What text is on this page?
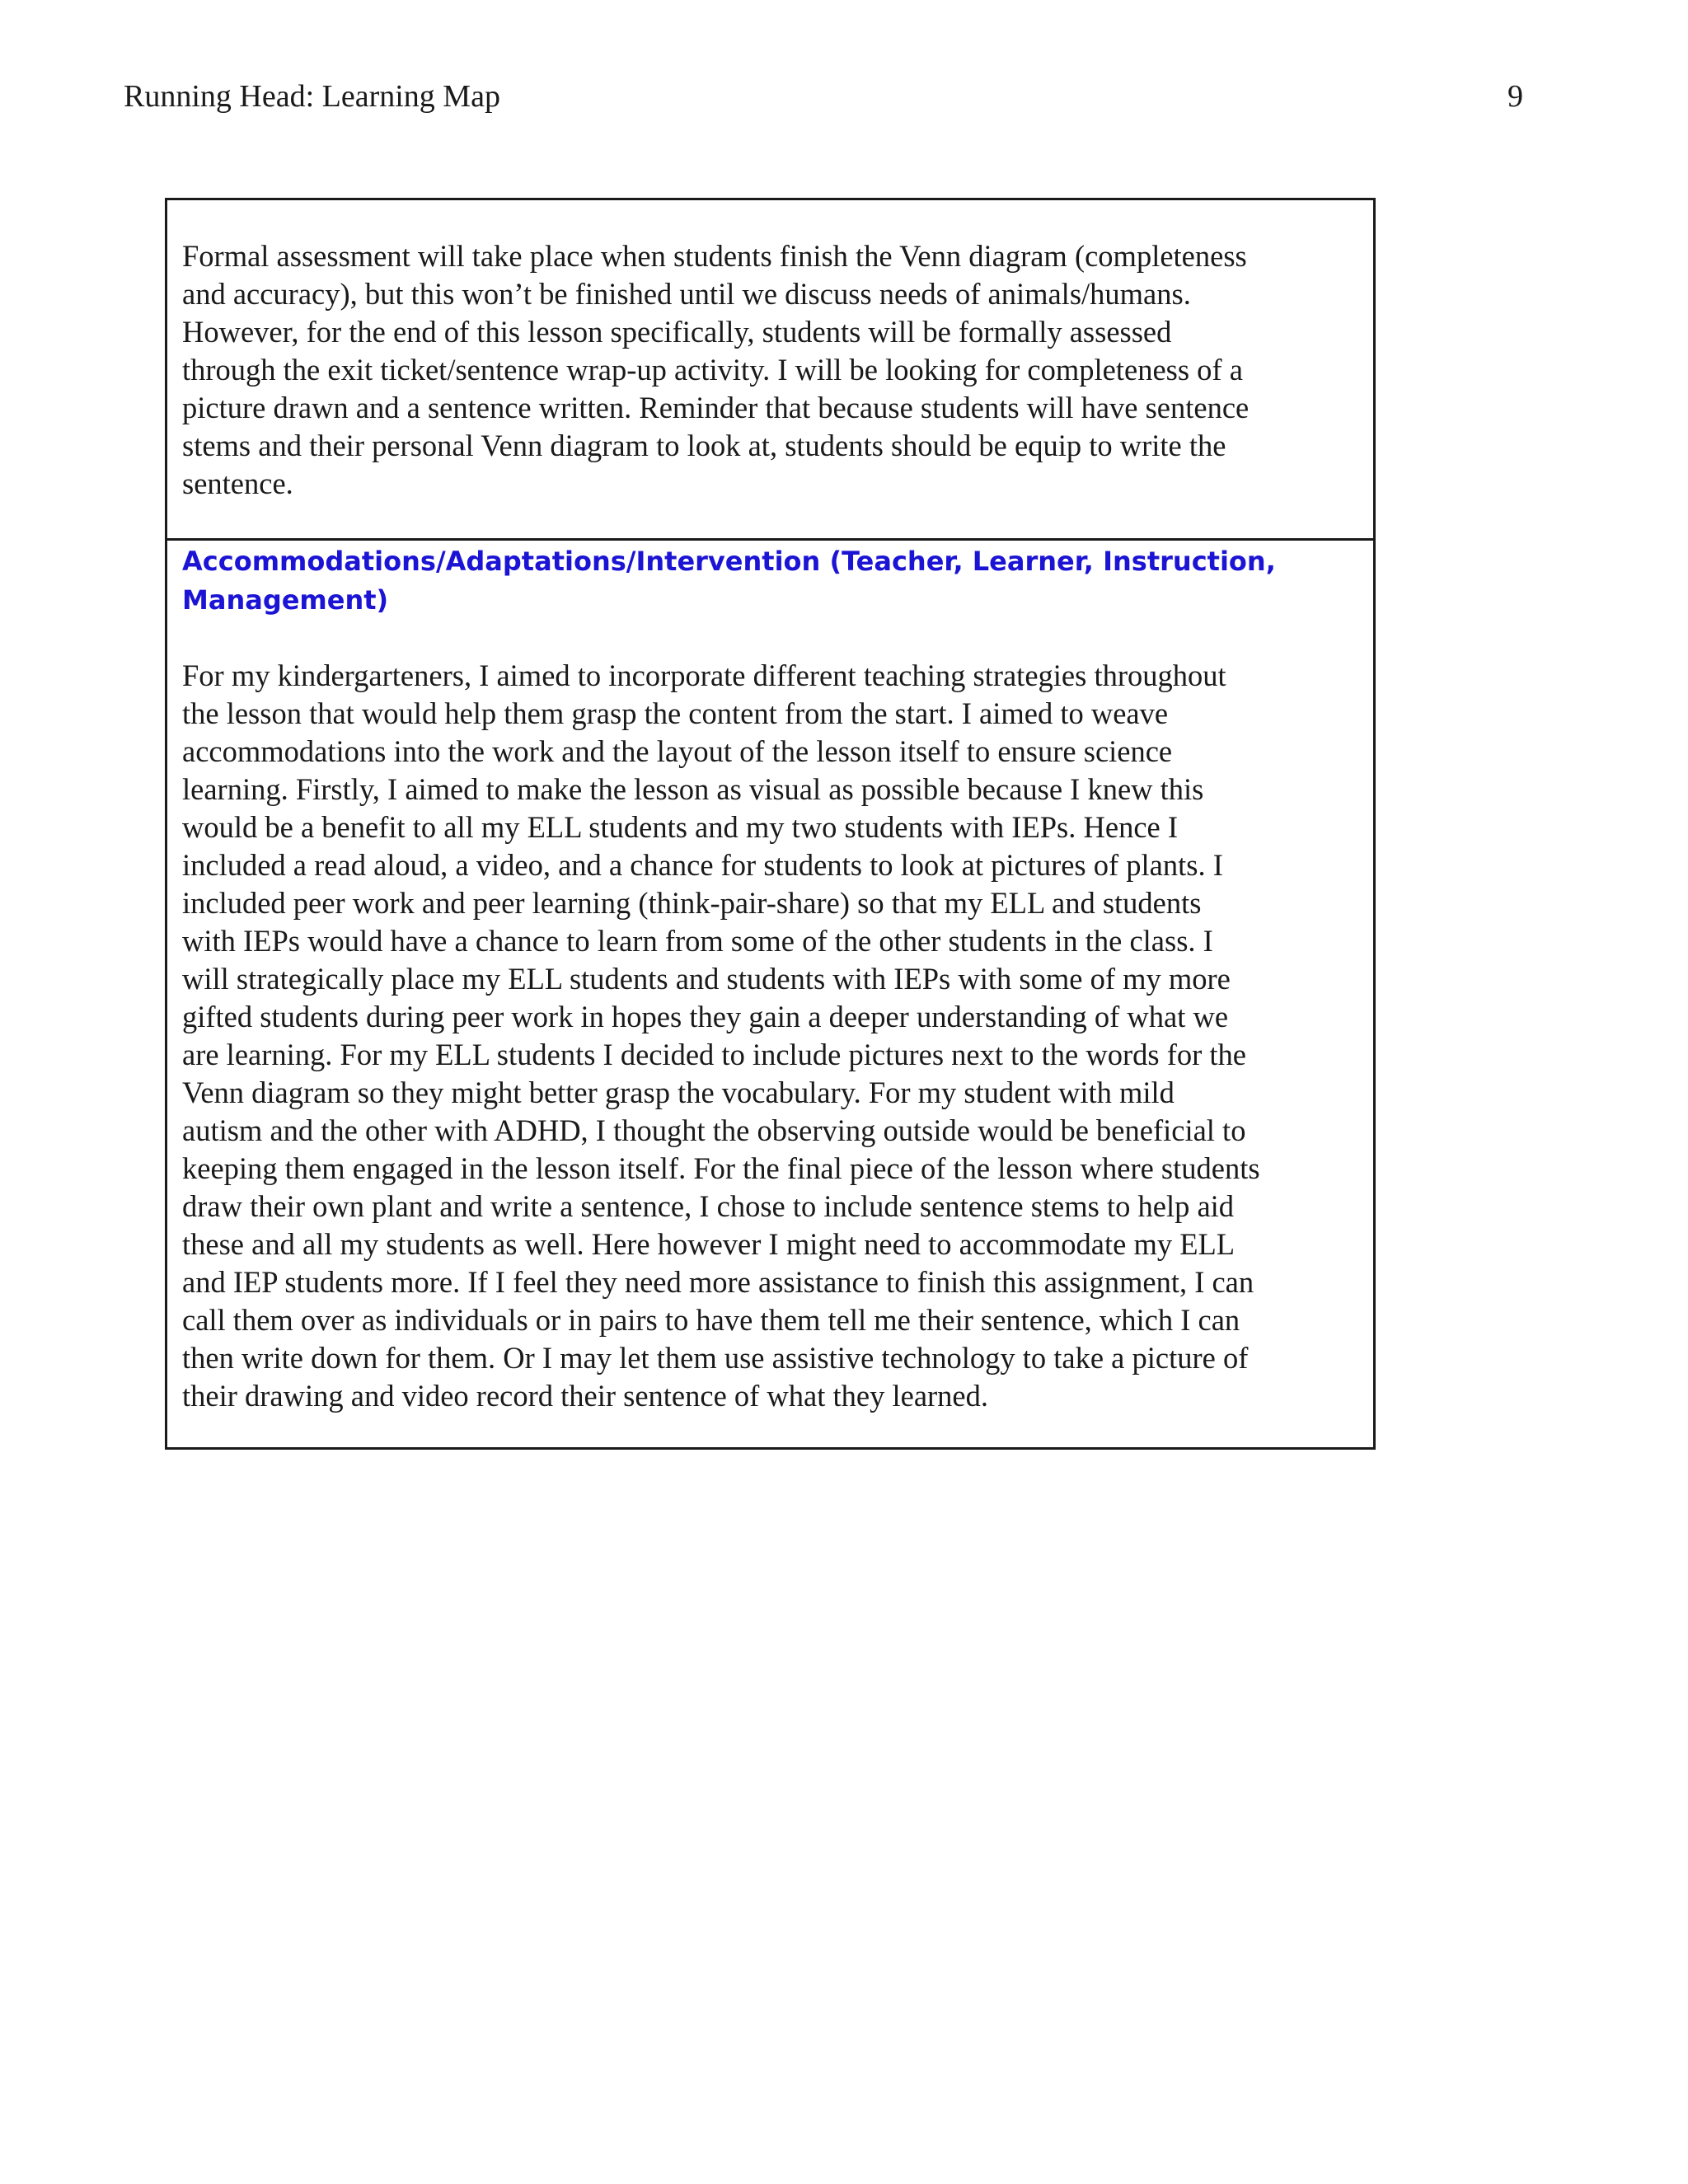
Running Head: Learning Map	9
Formal assessment will take place when students finish the Venn diagram (completeness
and accuracy), but this won’t be finished until we discuss needs of animals/humans.
However, for the end of this lesson specifically, students will be formally assessed
through the exit ticket/sentence wrap-up activity. I will be looking for completeness of a
picture drawn and a sentence written. Reminder that because students will have sentence
stems and their personal Venn diagram to look at, students should be equip to write the
sentence.
Accommodations/Adaptations/Intervention (Teacher, Learner, Instruction,
Management)
For my kindergarteners, I aimed to incorporate different teaching strategies throughout
the lesson that would help them grasp the content from the start. I aimed to weave
accommodations into the work and the layout of the lesson itself to ensure science
learning. Firstly, I aimed to make the lesson as visual as possible because I knew this
would be a benefit to all my ELL students and my two students with IEPs. Hence I
included a read aloud, a video, and a chance for students to look at pictures of plants. I
included peer work and peer learning (think-pair-share) so that my ELL and students
with IEPs would have a chance to learn from some of the other students in the class. I
will strategically place my ELL students and students with IEPs with some of my more
gifted students during peer work in hopes they gain a deeper understanding of what we
are learning. For my ELL students I decided to include pictures next to the words for the
Venn diagram so they might better grasp the vocabulary. For my student with mild
autism and the other with ADHD, I thought the observing outside would be beneficial to
keeping them engaged in the lesson itself. For the final piece of the lesson where students
draw their own plant and write a sentence, I chose to include sentence stems to help aid
these and all my students as well. Here however I might need to accommodate my ELL
and IEP students more. If I feel they need more assistance to finish this assignment, I can
call them over as individuals or in pairs to have them tell me their sentence, which I can
then write down for them. Or I may let them use assistive technology to take a picture of
their drawing and video record their sentence of what they learned.
